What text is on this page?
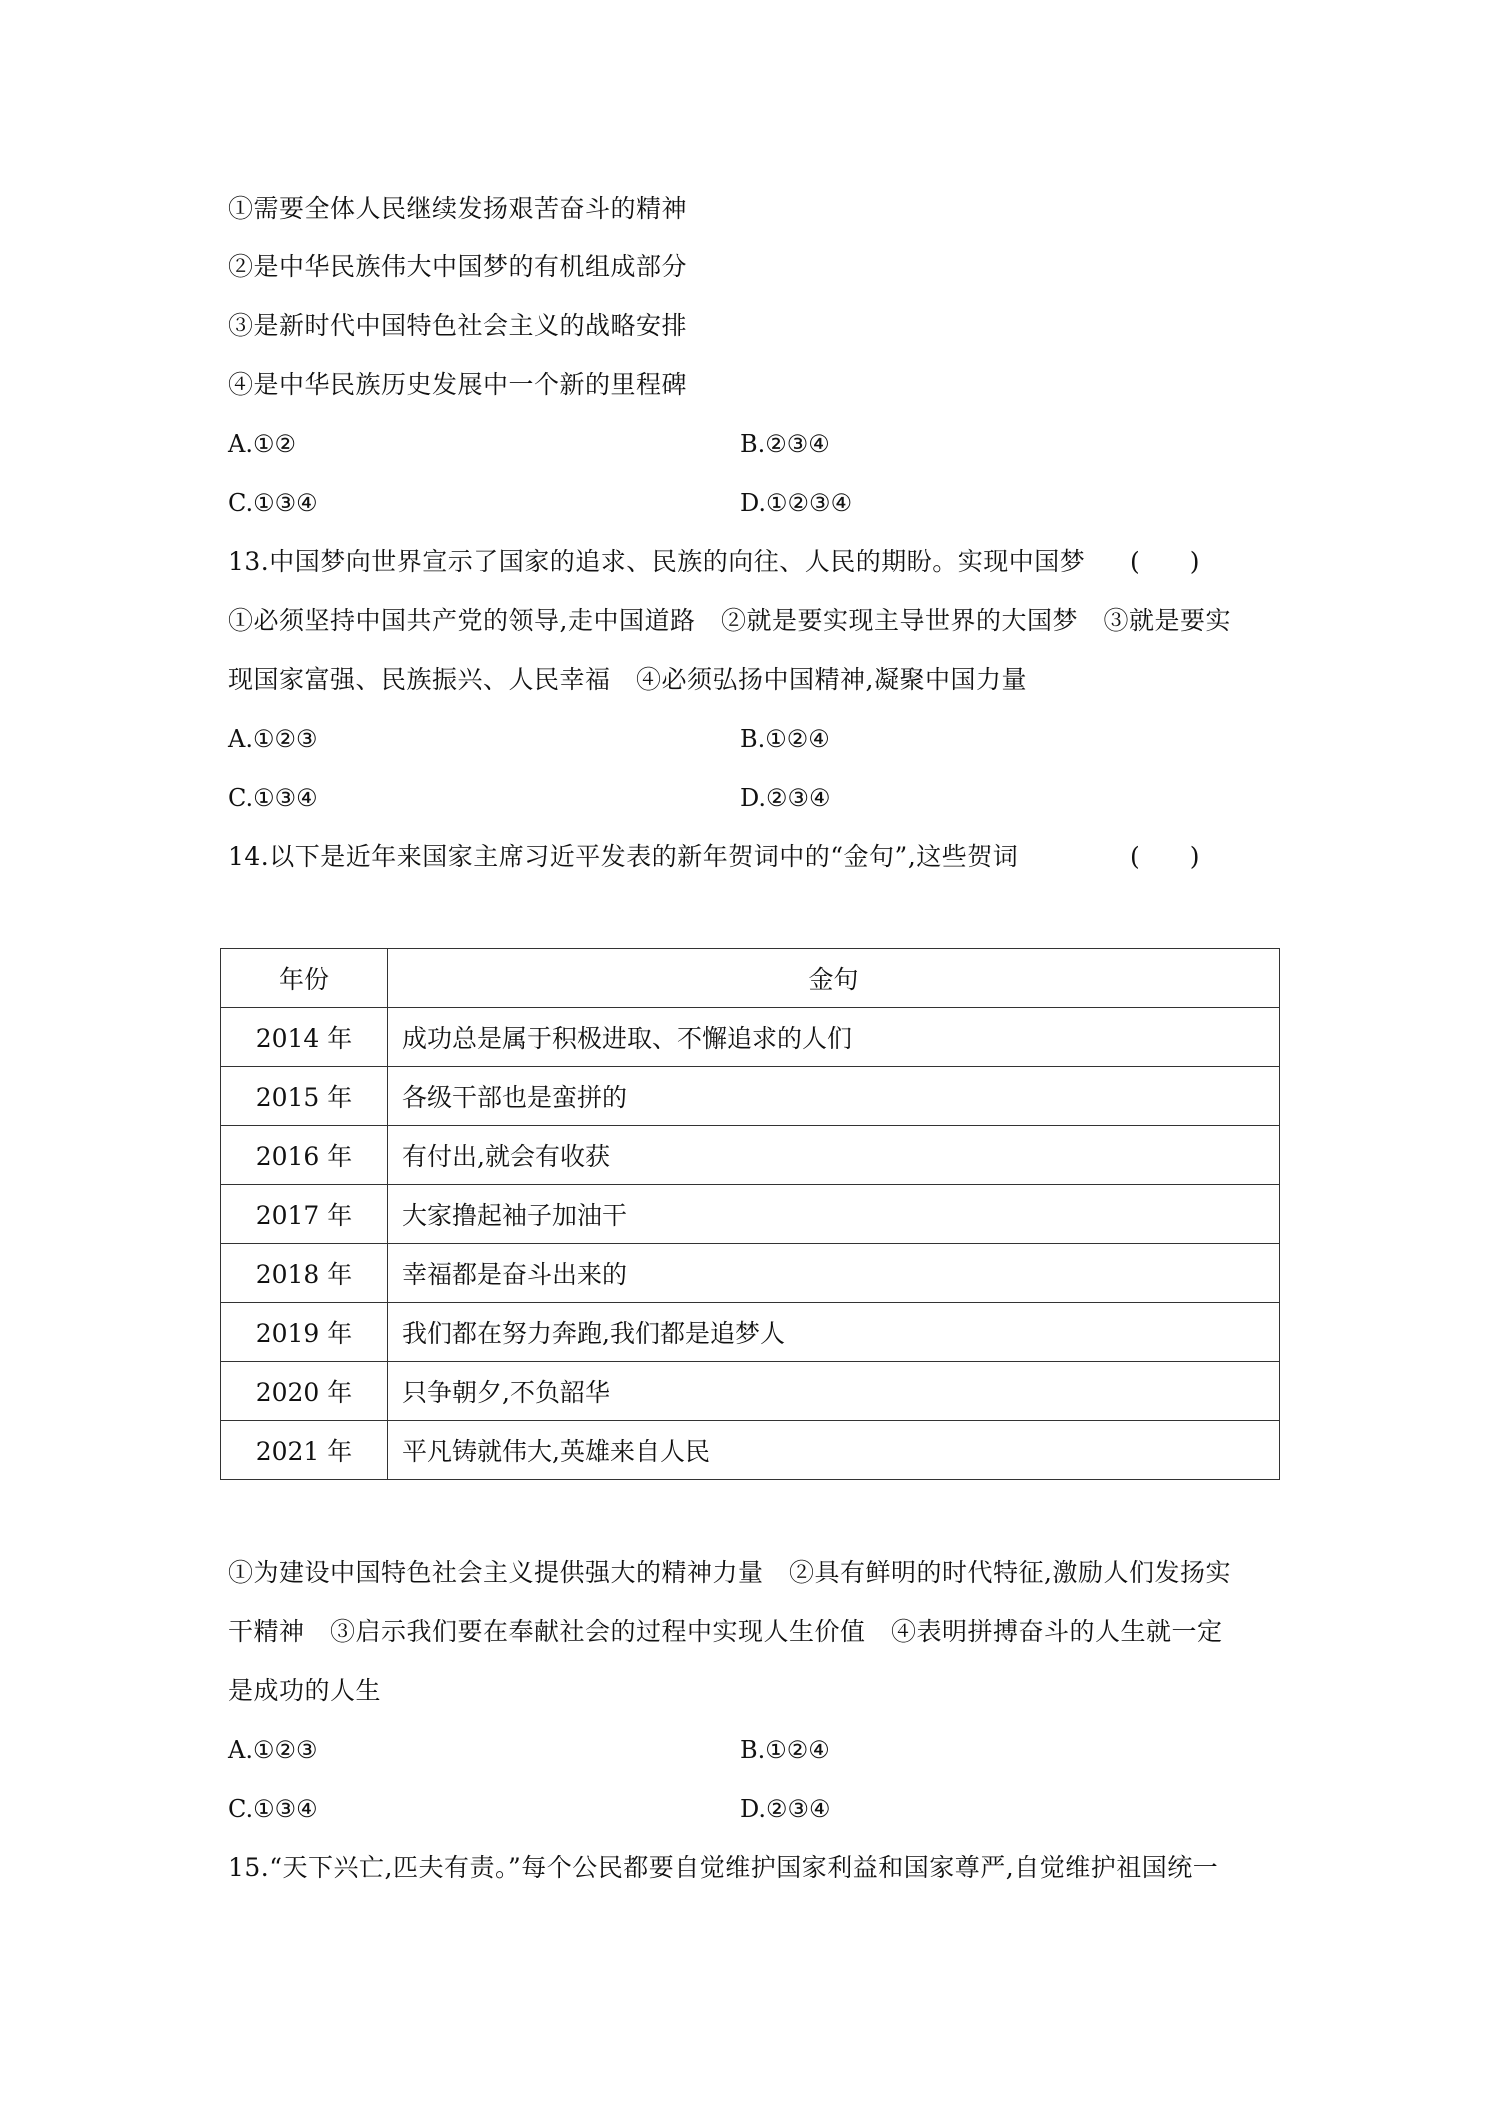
①需要全体人民继续发扬艰苦奋斗的精神
②是中华民族伟大中国梦的有机组成部分
③是新时代中国特色社会主义的战略安排
④是中华民族历史发展中一个新的里程碑
A.①②	B.②③④
C.①③④	D.①②③④
13.中国梦向世界宣示了国家的追求、民族的向往、人民的期盼。实现中国梦 (　　)
①必须坚持中国共产党的领导,走中国道路　②就是要实现主导世界的大国梦　③就是要实
现国家富强、民族振兴、人民幸福　④必须弘扬中国精神,凝聚中国力量
A.①②③	B.①②④
C.①③④	D.②③④
14.以下是近年来国家主席习近平发表的新年贺词中的“金句”,这些贺词	(　　)
年份	金句
2014 年	成功总是属于积极进取、不懈追求的人们
2015 年	各级干部也是蛮拼的
2016 年	有付出,就会有收获
2017 年	大家撸起袖子加油干
2018 年	幸福都是奋斗出来的
2019 年	我们都在努力奔跑,我们都是追梦人
2020 年	只争朝夕,不负韶华
2021 年	平凡铸就伟大,英雄来自人民
①为建设中国特色社会主义提供强大的精神力量　②具有鲜明的时代特征,激励人们发扬实
干精神　③启示我们要在奉献社会的过程中实现人生价值　④表明拼搏奋斗的人生就一定
是成功的人生
A.①②③	B.①②④
C.①③④	D.②③④
15.“天下兴亡,匹夫有责。”每个公民都要自觉维护国家利益和国家尊严,自觉维护祖国统一
